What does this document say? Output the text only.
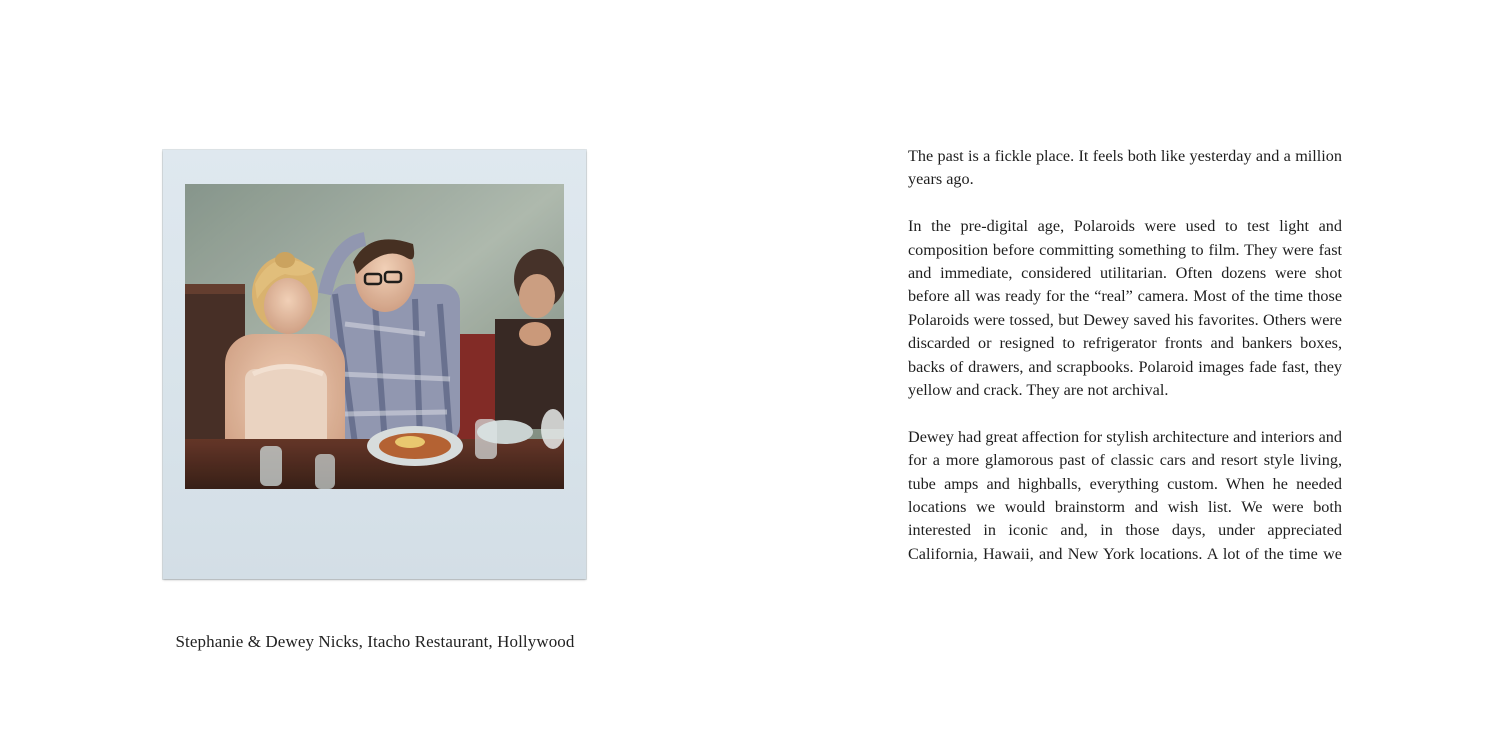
Stephanie & Dewey Nicks, Itacho Restaurant, Hollywood

The past is a fickle place. It feels both like yesterday and a million years ago.

In the pre-digital age, Polaroids were used to test light and composition before committing something to film. They were fast and immediate, considered utilitarian. Often dozens were shot before all was ready for the “real” camera. Most of the time those Polaroids were tossed, but Dewey saved his favorites. Others were discarded or resigned to refrigerator fronts and bankers boxes, backs of drawers, and scrapbooks. Polaroid images fade fast, they yellow and crack. They are not archival.

Dewey had great affection for stylish architecture and interiors and for a more glamorous past of classic cars and resort style living, tube amps and highballs, everything custom. When he needed locations we would brainstorm and wish list. We were both interested in iconic and, in those days, under appreciated California, Hawaii, and New York locations. A lot of the time we
